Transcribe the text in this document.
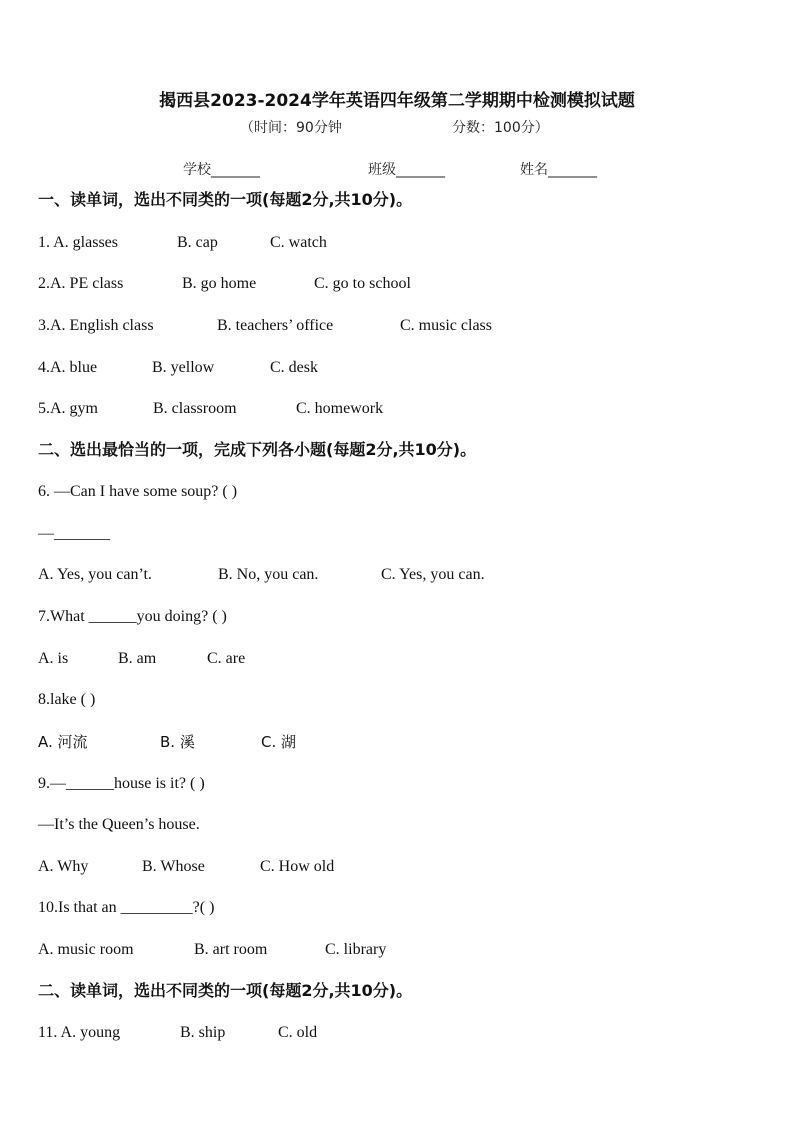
揭西县2023-2024学年英语四年级第二学期期中检测模拟试题
（时间：90分钟	分数：100分）
学校_______	班级_______	姓名_______
一、读单词，选出不同类的一项(每题2分,共10分)。
1. A. glasses	B. cap	C. watch
2.A. PE class	B. go home	C. go to school
3.A. English class	B. teachers’ office	C. music class
4.A. blue	B. yellow	C. desk
5.A. gym	B. classroom	C. homework
二、选出最恰当的一项，完成下列各小题(每题2分,共10分)。
6. —Can I have some soup? ( )
—_______
A. Yes, you can’t.	B. No, you can.	C. Yes, you can.
7.What ______you doing? ( )
A. is	B. am	C. are
8.lake ( )
A. 河流	B. 溪	C. 湖
9.—______house is it? ( )
—It’s the Queen’s house.
A. Why	B. Whose	C. How old
10.Is that an _________?( )
A. music room	B. art room	C. library
二、读单词，选出不同类的一项(每题2分,共10分)。
11. A. young	B. ship	C. old
